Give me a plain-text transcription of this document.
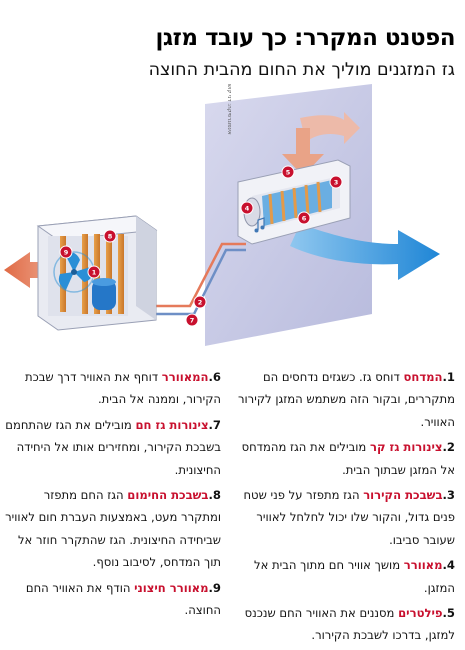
הפטנט המקרר: כך עובד מזגן
גז המזגנים מוליך את החום מהבית החוצה
1
2
3
4
5
6
7
8
9
אינפוגרפיקה: דני קוש
1.המדחס דוחס גז. כשגזים נדחסים הם מתקררים, ובקור הזה משתמש המזגן לקירור האוויר.
2.צינורות גז קר מובילים את הגז מהמדחס אל המזגן שבתוך הבית.
3.בשבכת הקירור הגז מתפזר על פני שטח פנים גדול, והקור שלו יכול לחלחל לאוויר שעובר סביבו.
4.מאוורר מושך אוויר חם מתוך הבית אל המזגן.
5.פילטרים מסננים את האוויר החם שנכנס למזגן, בדרכו לשבכת הקירור.
6.המאוורר דוחף את האוויר דרך שבכת הקירור, וממנה אל הבית.
7.צינורות גז חם מובילים את הגז שהתחמם בשבכת הקירור, ומחזירים אותו אל היחידה החיצונית.
8.בשבכת החימום הגז החם מתפזר ומתקרר מעט, באמצעות העברת חום לאוויר שביחידה החיצונית. הגז שהתקרר חוזר אל תוך המדחס, לסיבוב נוסף.
9.מאוורר חיצוני הודף את האוויר החם החוצה.
